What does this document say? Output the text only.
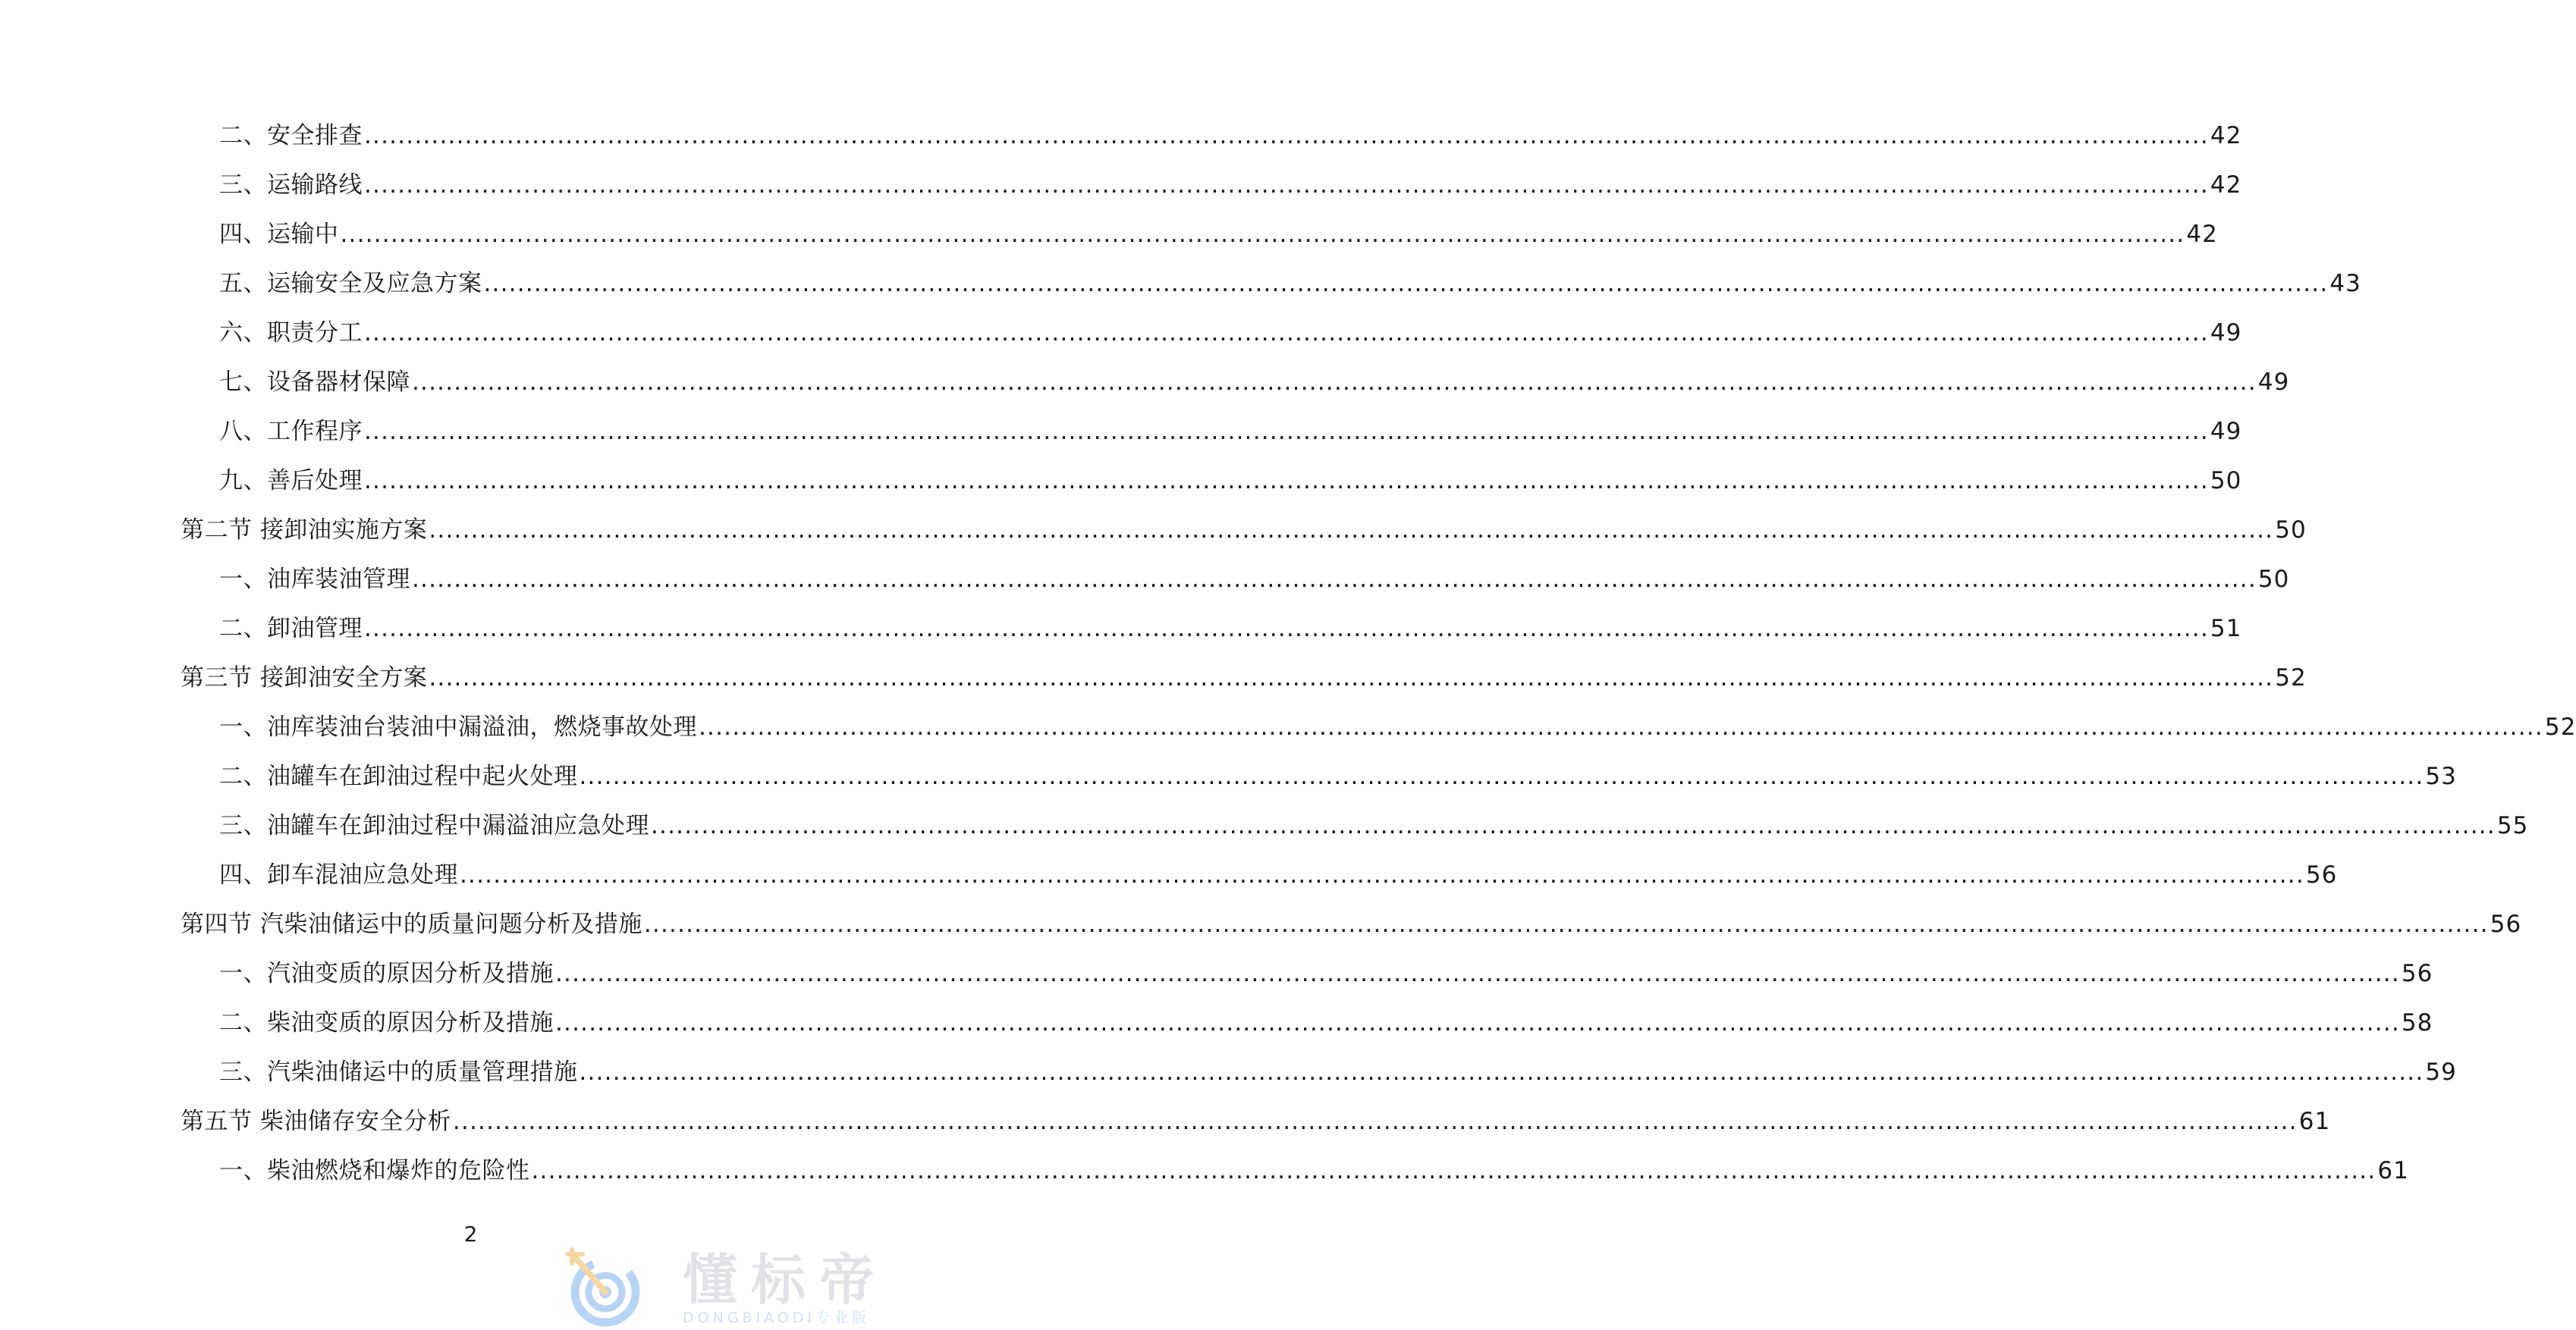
二、安全排查 ............................................................................................................................................................................................................................ 42
三、运输路线 ............................................................................................................................................................................................................................ 42
四、运输中 ............................................................................................................................................................................................................................ 42
五、运输安全及应急方案 ............................................................................................................................................................................................................................ 43
六、职责分工 ............................................................................................................................................................................................................................ 49
七、设备器材保障 ............................................................................................................................................................................................................................ 49
八、工作程序 ............................................................................................................................................................................................................................ 49
九、善后处理 ............................................................................................................................................................................................................................ 50
第二节 接卸油实施方案 ............................................................................................................................................................................................................................ 50
一、油库装油管理 ............................................................................................................................................................................................................................ 50
二、卸油管理 ............................................................................................................................................................................................................................ 51
第三节 接卸油安全方案 ............................................................................................................................................................................................................................ 52
一、油库装油台装油中漏溢油，燃烧事故处理 ............................................................................................................................................................................................................................ 52
二、油罐车在卸油过程中起火处理 ............................................................................................................................................................................................................................ 53
三、油罐车在卸油过程中漏溢油应急处理 ............................................................................................................................................................................................................................ 55
四、卸车混油应急处理 ............................................................................................................................................................................................................................ 56
第四节 汽柴油储运中的质量问题分析及措施 ............................................................................................................................................................................................................................ 56
一、汽油变质的原因分析及措施 ............................................................................................................................................................................................................................ 56
二、柴油变质的原因分析及措施 ............................................................................................................................................................................................................................ 58
三、汽柴油储运中的质量管理措施 ............................................................................................................................................................................................................................ 59
第五节 柴油储存安全分析 ............................................................................................................................................................................................................................ 61
一、柴油燃烧和爆炸的危险性 ............................................................................................................................................................................................................................ 61
2
懂标帝
DONGBIAODI专业版
